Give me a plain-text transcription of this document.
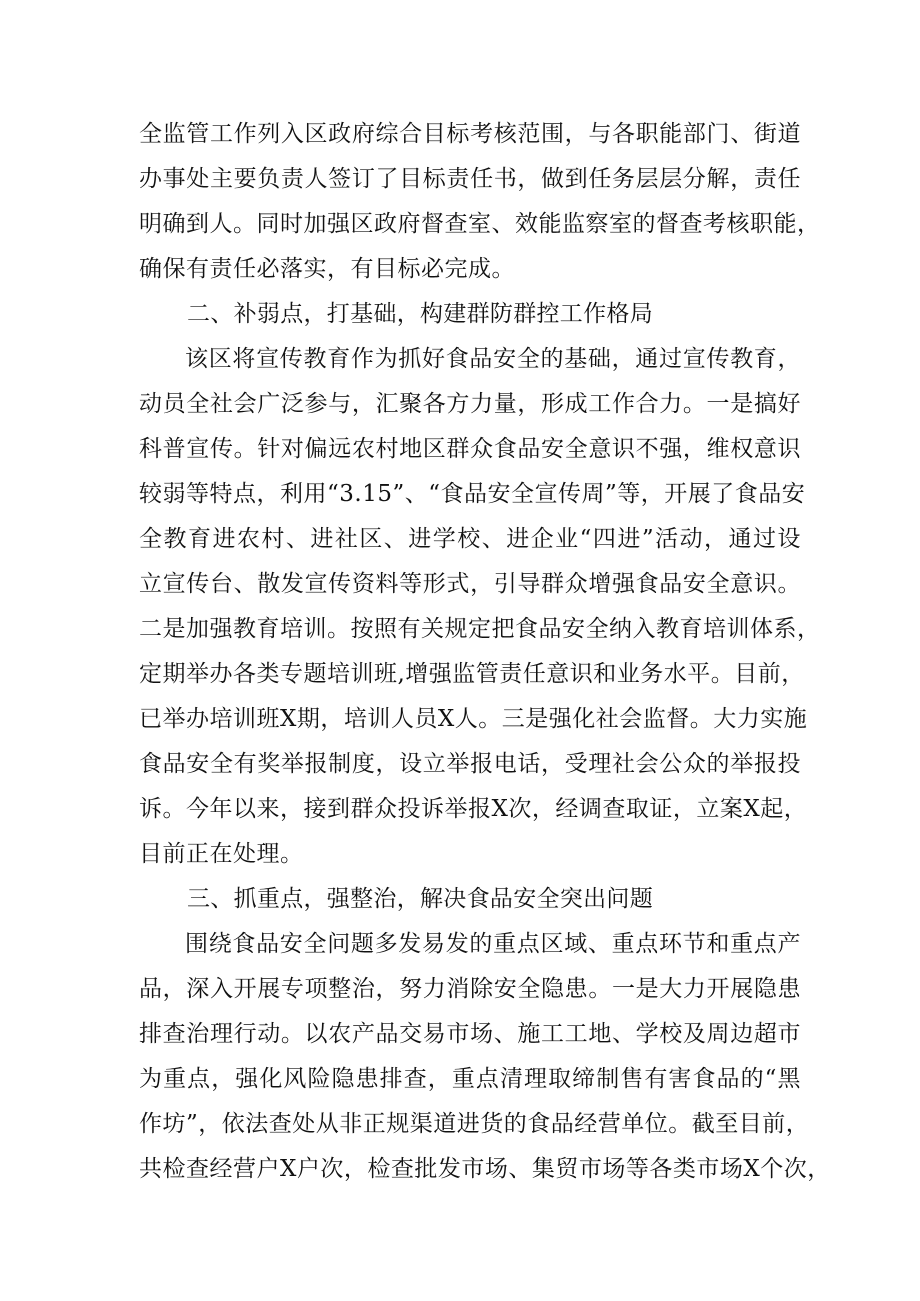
全监管工作列入区政府综合目标考核范围，与各职能部门、街道
办事处主要负责人签订了目标责任书，做到任务层层分解，责任
明确到人。同时加强区政府督查室、效能监察室的督查考核职能，
确保有责任必落实，有目标必完成。
二、补弱点，打基础，构建群防群控工作格局
该区将宣传教育作为抓好食品安全的基础，通过宣传教育，
动员全社会广泛参与，汇聚各方力量，形成工作合力。一是搞好
科普宣传。针对偏远农村地区群众食品安全意识不强，维权意识
较弱等特点，利用“3.15”、“食品安全宣传周”等，开展了食品安
全教育进农村、进社区、进学校、进企业“四进”活动，通过设
立宣传台、散发宣传资料等形式，引导群众增强食品安全意识。
二是加强教育培训。按照有关规定把食品安全纳入教育培训体系，
定期举办各类专题培训班,增强监管责任意识和业务水平。目前，
已举办培训班X期，培训人员X人。三是强化社会监督。大力实施
食品安全有奖举报制度，设立举报电话，受理社会公众的举报投
诉。今年以来，接到群众投诉举报X次，经调查取证，立案X起，
目前正在处理。
三、抓重点，强整治，解决食品安全突出问题
围绕食品安全问题多发易发的重点区域、重点环节和重点产
品，深入开展专项整治，努力消除安全隐患。一是大力开展隐患
排查治理行动。以农产品交易市场、施工工地、学校及周边超市
为重点，强化风险隐患排查，重点清理取缔制售有害食品的“黑
作坊”，依法查处从非正规渠道进货的食品经营单位。截至目前，
共检查经营户X户次，检查批发市场、集贸市场等各类市场X个次，
